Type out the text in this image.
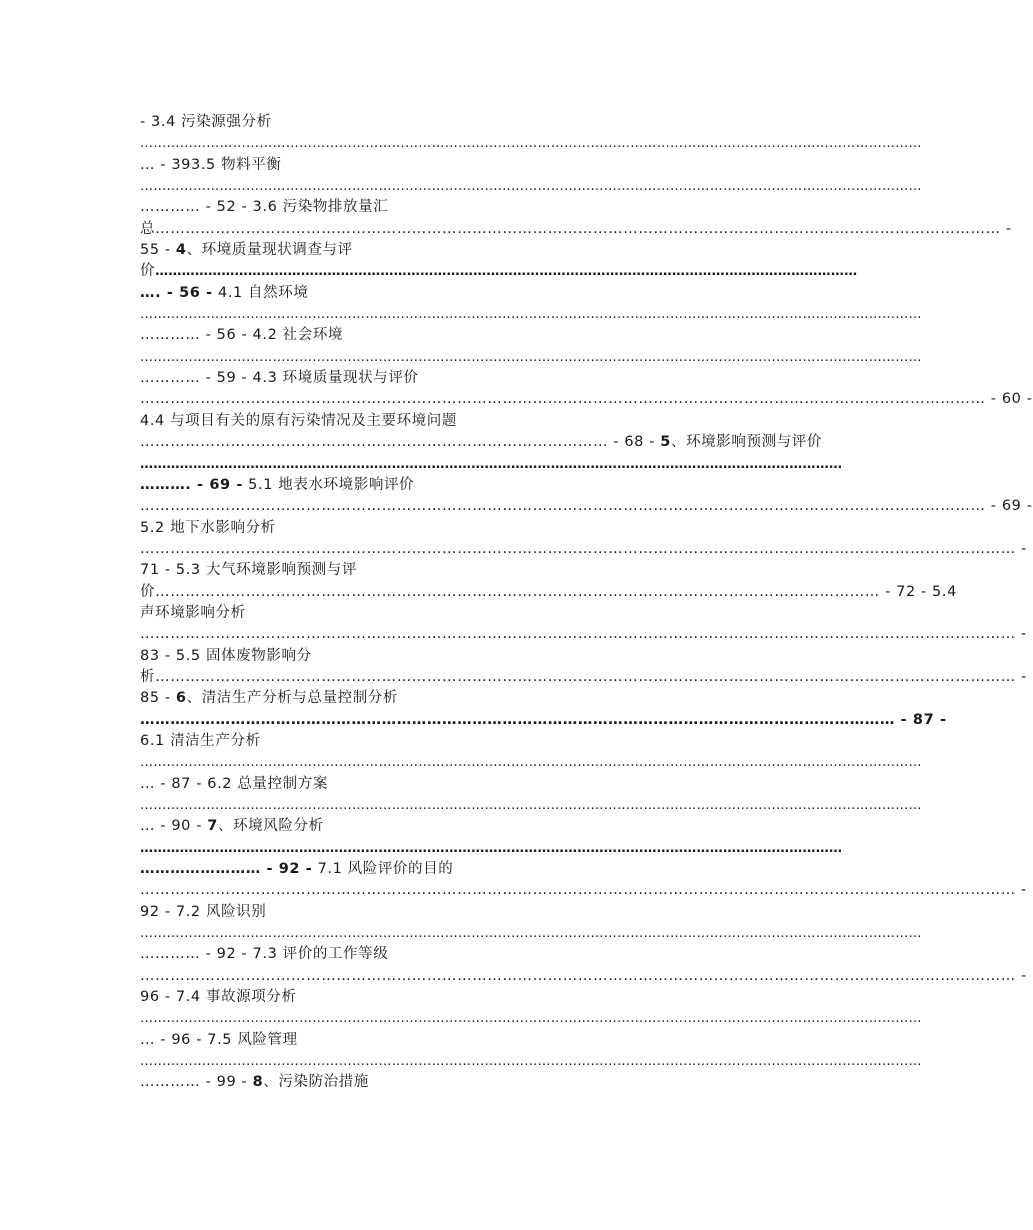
- 3.4 污染源强分析
……………………………………………………………………………………………………………………………………………………………
… - 393.5 物料平衡
……………………………………………………………………………………………………………………………………………………………
………… - 52 - 3.6 污染物排放量汇
总…………………………………………………………………………………………………………………………………………………… -
55 - 4、环境质量现状调查与评
价……………………………………………………………………………………………………………………………………………
…. - 56 - 4.1 自然环境
……………………………………………………………………………………………………………………………………………………………
………… - 56 - 4.2 社会环境
……………………………………………………………………………………………………………………………………………………………
………… - 59 - 4.3 环境质量现状与评价
…………………………………………………………………………………………………………………………………………………… - 60 -
4.4 与项目有关的原有污染情况及主要环境问题
………………………………………………………………………………… - 68 - 5、环境影响预测与评价
……………………………………………………………………………………………………………………………………………
………. - 69 - 5.1 地表水环境影响评价
…………………………………………………………………………………………………………………………………………………… - 69 -
5.2 地下水影响分析
………………………………………………………………………………………………………………………………………………………… -
71 - 5.3 大气环境影响预测与评
价……………………………………………………………………………………………………………………………… - 72 - 5.4
声环境影响分析
………………………………………………………………………………………………………………………………………………………… -
83 - 5.5 固体废物影响分
析……………………………………………………………………………………………………………………………………………………… -
85 - 6、清洁生产分析与总量控制分析
…………………………………………………………………………………………………………………………………… - 87 -
6.1 清洁生产分析
……………………………………………………………………………………………………………………………………………………………
… - 87 - 6.2 总量控制方案
……………………………………………………………………………………………………………………………………………………………
… - 90 - 7、环境风险分析
……………………………………………………………………………………………………………………………………………
…………………… - 92 - 7.1 风险评价的目的
………………………………………………………………………………………………………………………………………………………… -
92 - 7.2 风险识别
……………………………………………………………………………………………………………………………………………………………
………… - 92 - 7.3 评价的工作等级
………………………………………………………………………………………………………………………………………………………… -
96 - 7.4 事故源项分析
……………………………………………………………………………………………………………………………………………………………
… - 96 - 7.5 风险管理
……………………………………………………………………………………………………………………………………………………………
………… - 99 - 8、污染防治措施
